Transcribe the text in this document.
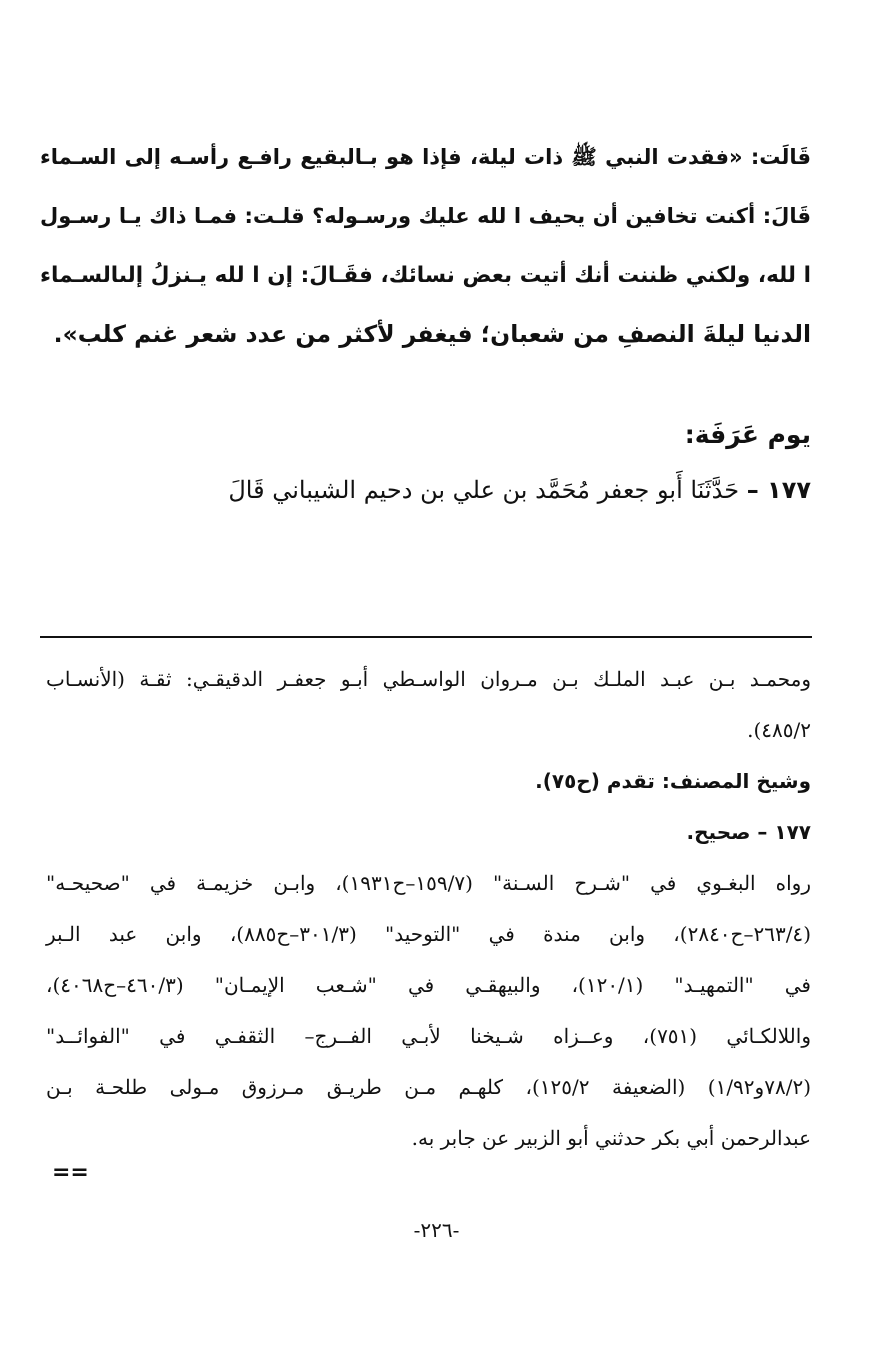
قَالَت: «فقدت النبي ﷺ ذات ليلة، فإذا هو بـالبقيع رافـع رأسـه إلى السـماء
قَالَ: أكنت تخافين أن يحيف ا لله عليك ورسـوله؟ قلـت: فمـا ذاك يـا رسـول
ا لله، ولكني ظننت أنك أتيت بعض نسائك، فقَـالَ: إن ا لله يـنزلُ إلىالسـماء
الدنيا ليلةَ النصفِ من شعبان؛ فيغفر لأكثر من عدد شعر غنم كلب».
يوم عَرَفَة:
١٧٧ – حَدَّثَنَا أَبو جعفر مُحَمَّد بن علي بن دحيم الشيباني قَالَ
ومحمـد بـن عبـد الملـك بـن مـروان الواسـطي أبـو جعفـر الدقيقـي: ثقـة (الأنسـاب
٤٨٥/٢).
وشيخ المصنف: تقدم (ح٧٥).
١٧٧ – صحيح.
رواه البغـوي في "شـرح السـنة" (١٥٩/٧–ح١٩٣١)، وابـن خزيمـة في "صحيحـه"
(٢٦٣/٤–ح٢٨٤٠)، وابن مندة في "التوحيد" (٣٠١/٣–ح٨٨٥)، وابن عبد الـبر
في "التمهيـد" (١٢٠/١)، والبيهقـي في "شـعب الإيمـان" (٤٦٠/٣–ح٤٠٦٨)،
واللالكـائي (٧٥١)، وعــزاه شـيخنا لأبـي الفــرج– الثقفـي في "الفوائــد"
(٧٨/٢و١/٩٢) (الضعيفة ١٢٥/٢)، كلهـم مـن طريـق مـرزوق مـولى طلحـة بـن
عبدالرحمن أبي بكر حدثني أبو الزبير عن جابر به.
==
-٢٢٦-
